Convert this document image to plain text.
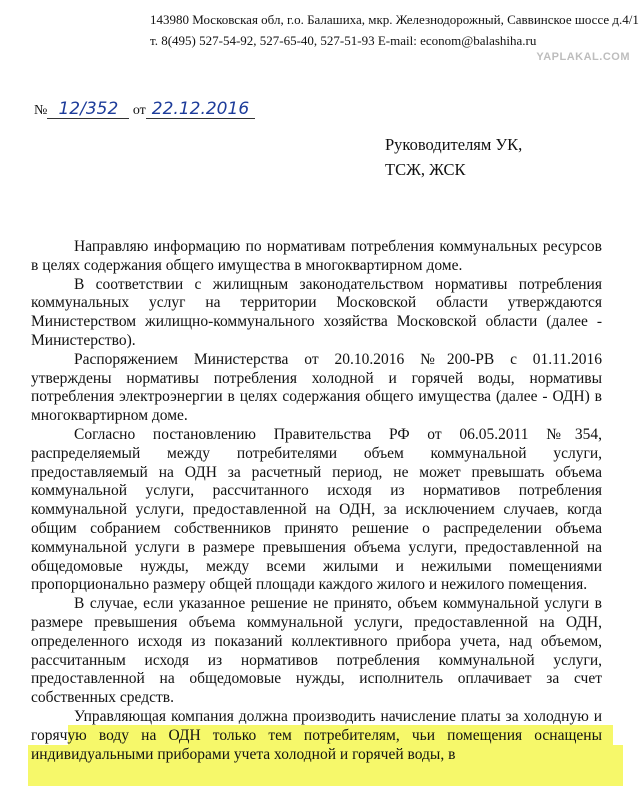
143980 Московская обл, г.о. Балашиха, мкр. Железнодорожный, Саввинское шоссе д.4/1
т. 8(495) 527-54-92, 527-65-40, 527-51-93 E-mail: econom@balashiha.ru
YAPLAKAL.COM
№ 12/352 от 22.12.2016
Руководителям УК,
ТСЖ, ЖСК

Направляю информацию по нормативам потребления коммунальных ресурсов в целях содержания общего имущества в многоквартирном доме.

В соответствии с жилищным законодательством нормативы потребления коммунальных услуг на территории Московской области утверждаются Министерством жилищно-коммунального хозяйства Московской области (далее - Министерство).

Распоряжением Министерства от 20.10.2016 №200-РВ с 01.11.2016 утверждены нормативы потребления холодной и горячей воды, нормативы потребления электроэнергии в целях содержания общего имущества (далее - ОДН) в многоквартирном доме.

Согласно постановлению Правительства РФ от 06.05.2011 №354, распределяемый между потребителями объем коммунальной услуги, предоставляемый на ОДН за расчетный период, не может превышать объема коммунальной услуги, рассчитанного исходя из нормативов потребления коммунальной услуги, предоставленной на ОДН, за исключением случаев, когда общим собранием собственников принято решение о распределении объема коммунальной услуги в размере превышения объема услуги, предоставленной на общедомовые нужды, между всеми жилыми и нежилыми помещениями пропорционально размеру общей площади каждого жилого и нежилого помещения.

В случае, если указанное решение не принято, объем коммунальной услуги в размере превышения объема коммунальной услуги, предоставленной на ОДН, определенного исходя из показаний коллективного прибора учета, над объемом, рассчитанным исходя из нормативов потребления коммунальной услуги, предоставленной на общедомовые нужды, исполнитель оплачивает за счет собственных средств.

Управляющая компания должна производить начисление платы за холодную и горячую воду на ОДН только тем потребителям, чьи помещения оснащены индивидуальными приборами учета холодной и горячей воды, в
